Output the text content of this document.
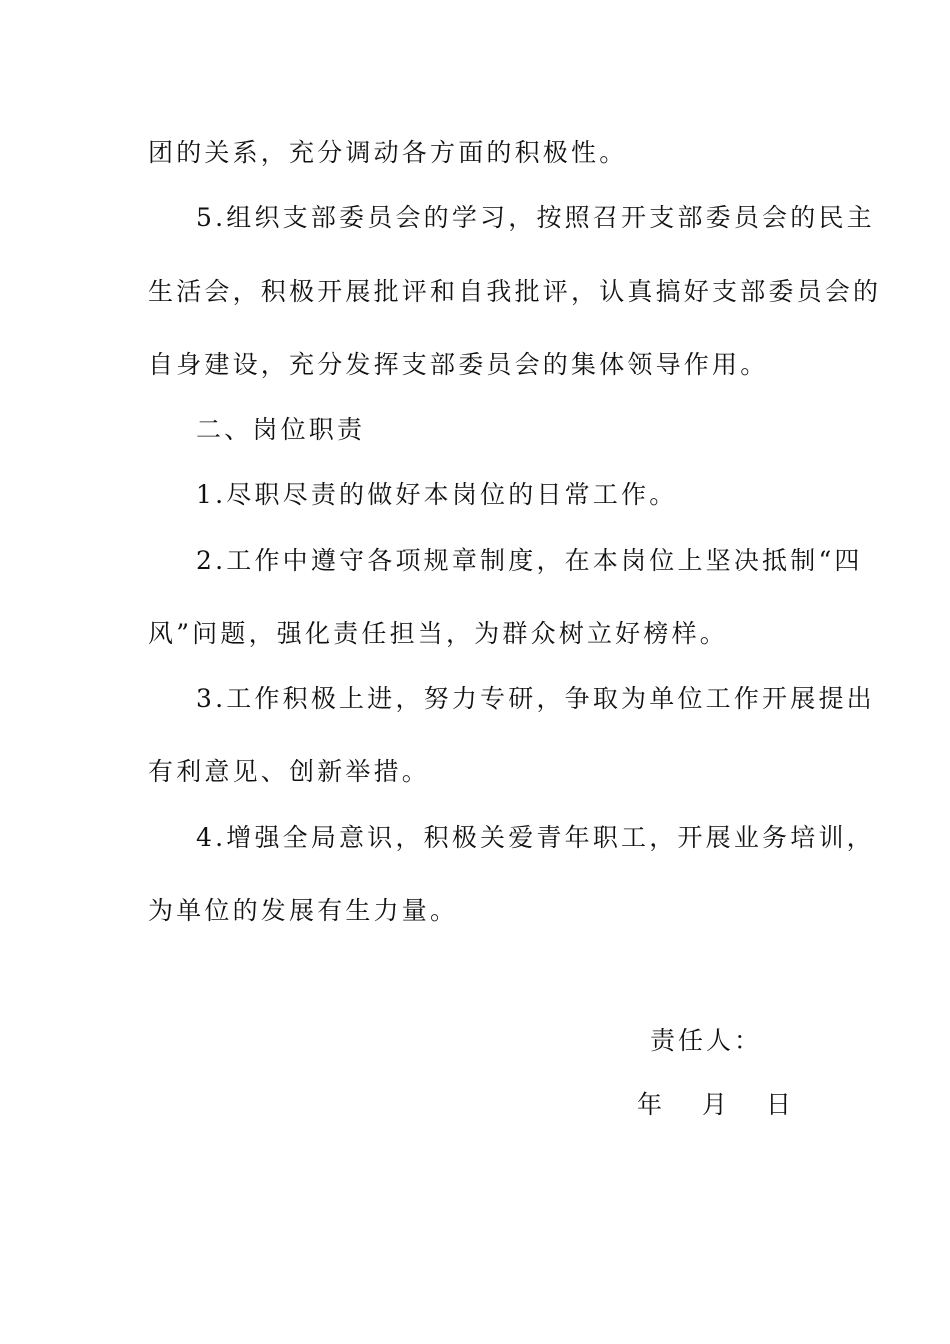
团的关系，充分调动各方面的积极性。
5.组织支部委员会的学习，按照召开支部委员会的民主
生活会，积极开展批评和自我批评，认真搞好支部委员会的
自身建设，充分发挥支部委员会的集体领导作用。
二、岗位职责
1.尽职尽责的做好本岗位的日常工作。
2.工作中遵守各项规章制度，在本岗位上坚决抵制“四
风”问题，强化责任担当，为群众树立好榜样。
3.工作积极上进，努力专研，争取为单位工作开展提出
有利意见、创新举措。
4.增强全局意识，积极关爱青年职工，开展业务培训，
为单位的发展有生力量。
责任人：
年 月 日
